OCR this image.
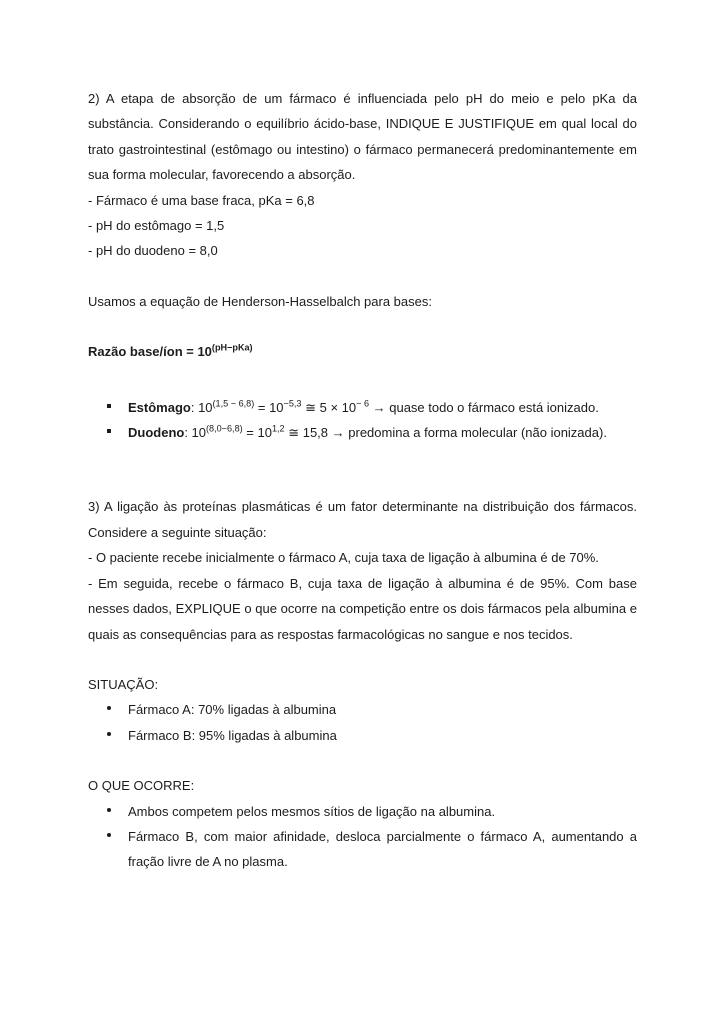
2) A etapa de absorção de um fármaco é influenciada pelo pH do meio e pelo pKa da substância. Considerando o equilíbrio ácido-base, INDIQUE E JUSTIFIQUE em qual local do trato gastrointestinal (estômago ou intestino) o fármaco permanecerá predominantemente em sua forma molecular, favorecendo a absorção.

- Fármaco é uma base fraca, pKa = 6,8

- pH do estômago = 1,5

- pH do duodeno = 8,0

Usamos a equação de Henderson-Hasselbalch para bases:

Razão base/íon = $10^{(pH-pKa)}$

Estômago: $10^{(1,5 - 6,8)} = 10^{-5,3}$ ≅ $5 \times 10^{- 6}$ → quase todo o fármaco está ionizado.
Duodeno: $10^{(8,0-6,8)} = 10^{1,2}$ ≅ 15,8 → predomina a forma molecular (não ionizada).

3) A ligação às proteínas plasmáticas é um fator determinante na distribuição dos fármacos. Considere a seguinte situação:

- O paciente recebe inicialmente o fármaco A, cuja taxa de ligação à albumina é de 70%.

- Em seguida, recebe o fármaco B, cuja taxa de ligação à albumina é de 95%. Com base nesses dados, EXPLIQUE o que ocorre na competição entre os dois fármacos pela albumina e quais as consequências para as respostas farmacológicas no sangue e nos tecidos.

SITUAÇÃO:

Fármaco A: 70% ligadas à albumina
Fármaco B: 95% ligadas à albumina

O QUE OCORRE:

Ambos competem pelos mesmos sítios de ligação na albumina.
Fármaco B, com maior afinidade, desloca parcialmente o fármaco A, aumentando a fração livre de A no plasma.
